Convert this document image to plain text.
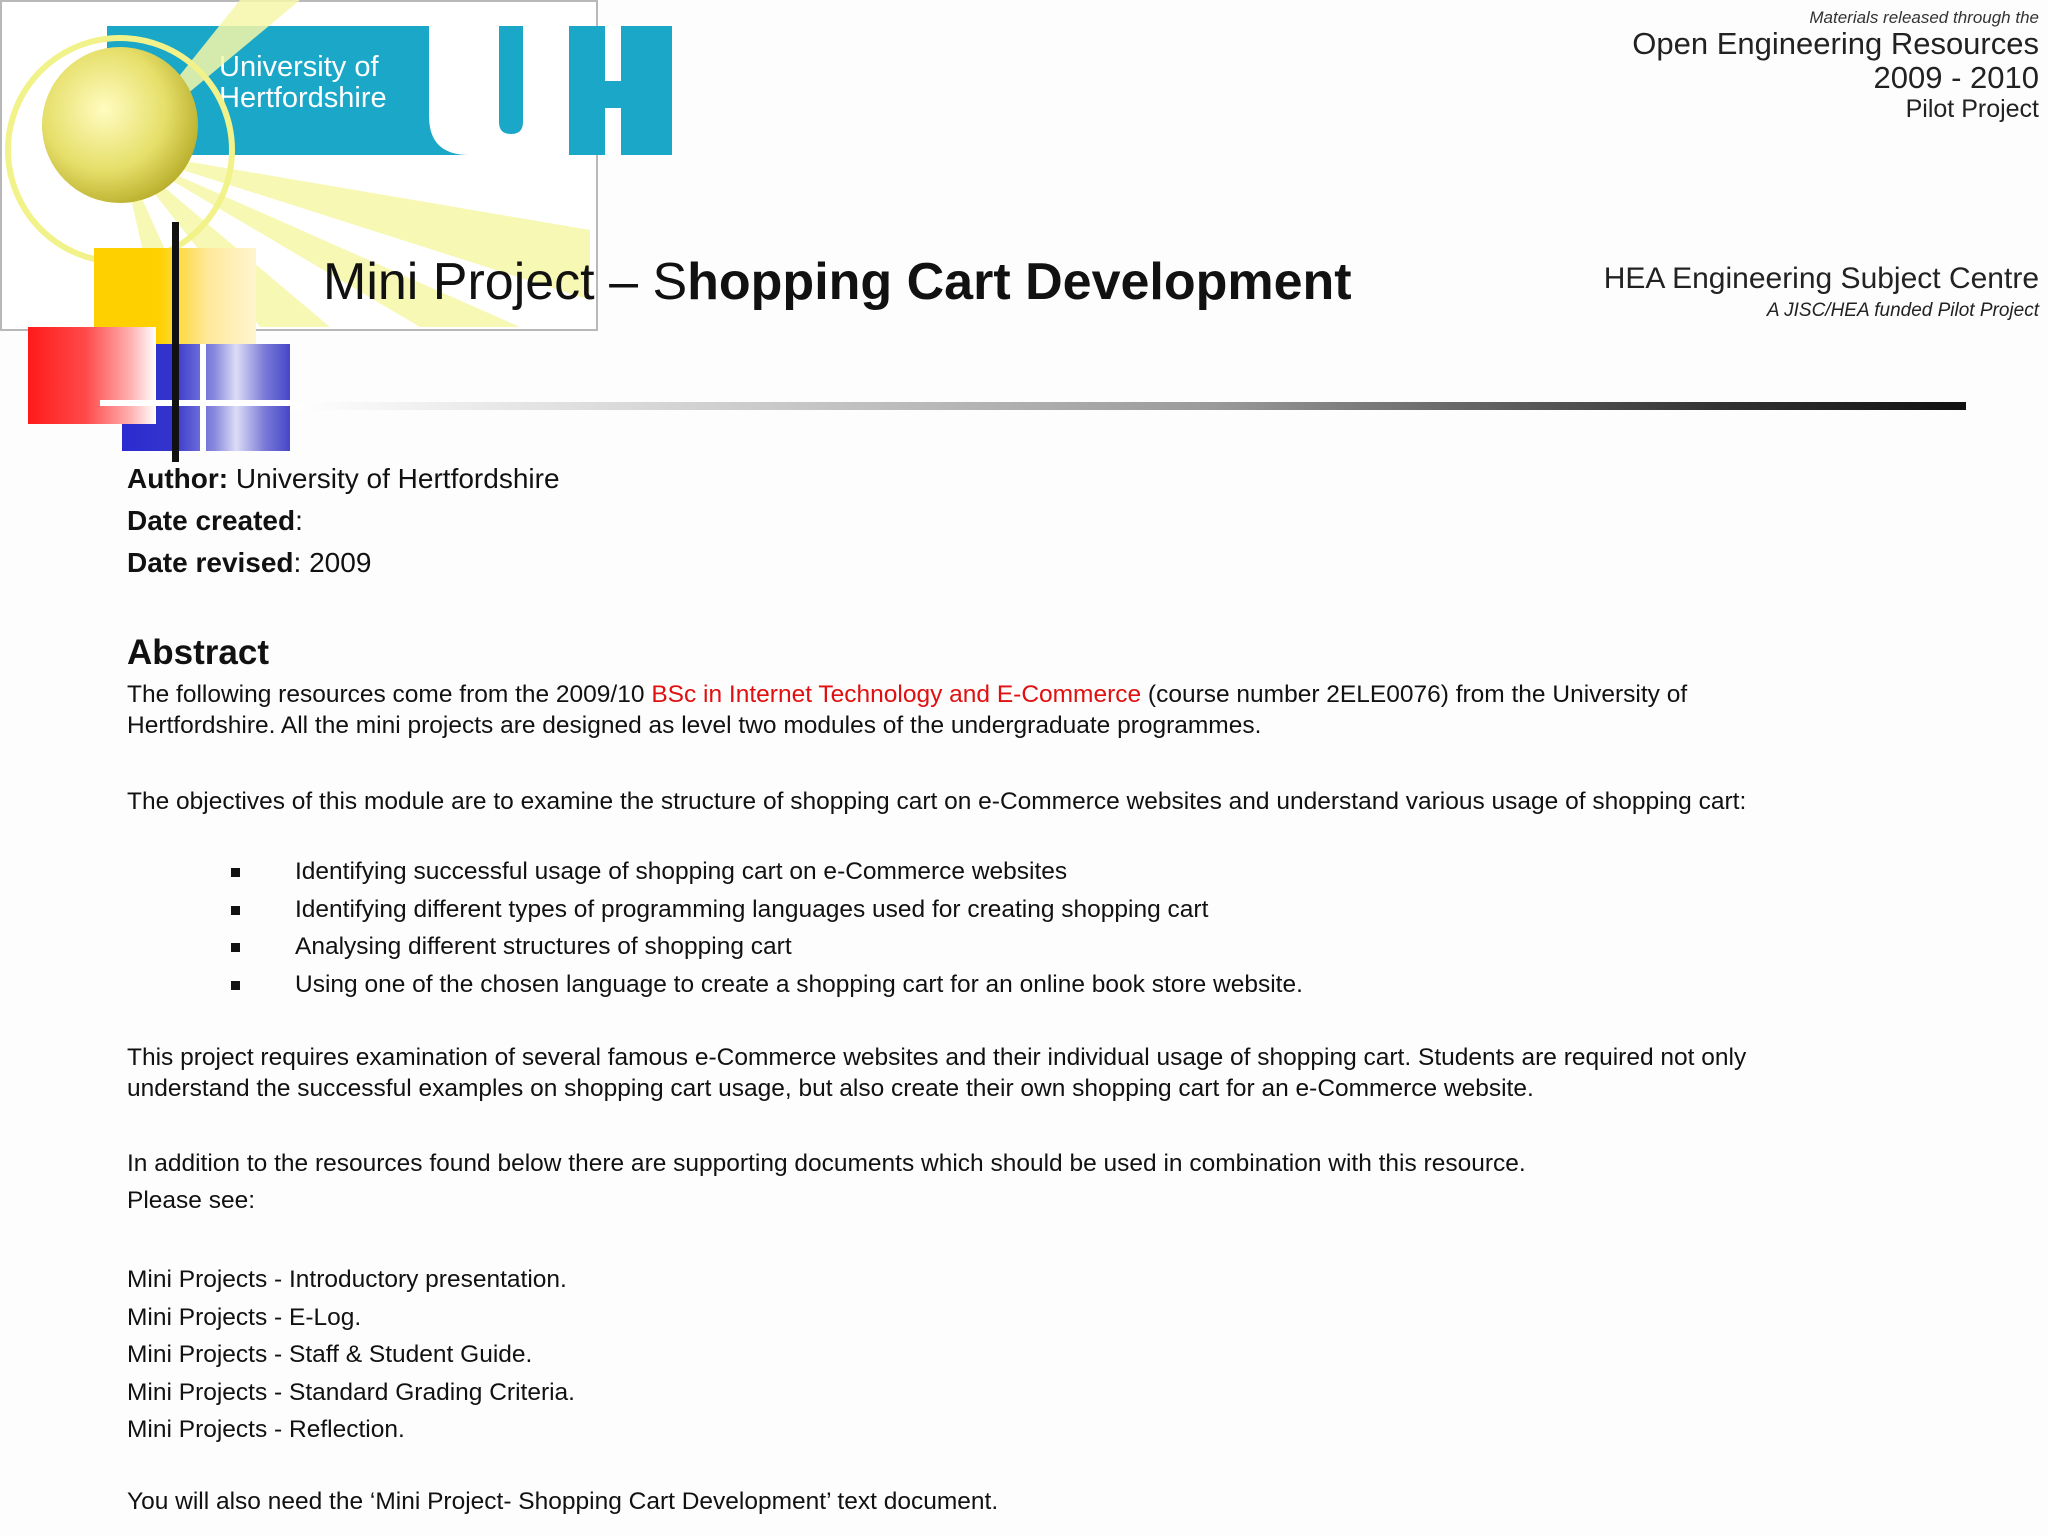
University of
Hertfordshire
Materials released through the
Open Engineering Resources
2009 - 2010
Pilot Project
HEA Engineering Subject Centre
A JISC/HEA funded Pilot Project
Mini Project – Shopping Cart Development
Author: University of Hertfordshire
Date created:
Date revised: 2009
Abstract
The following resources come from the 2009/10 BSc in Internet Technology and E-Commerce (course number 2ELE0076) from the University of Hertfordshire. All the mini projects are designed as level two modules of the undergraduate programmes.
The objectives of this module are to examine the structure of shopping cart on e-Commerce websites and understand various usage of shopping cart:
Identifying successful usage of shopping cart on e-Commerce websites
Identifying different types of programming languages used for creating shopping cart
Analysing different structures of shopping cart
Using one of the chosen language to create a shopping cart for an online book store website.
This project requires examination of several famous e-Commerce websites and their individual usage of shopping cart. Students are required not only understand the successful examples on shopping cart usage, but also create their own shopping cart for an e-Commerce website.
In addition to the resources found below there are supporting documents which should be used in combination with this resource.
Please see:
Mini Projects - Introductory presentation.
Mini Projects - E-Log.
Mini Projects - Staff & Student Guide.
Mini Projects - Standard Grading Criteria.
Mini Projects - Reflection.
You will also need the ‘Mini Project- Shopping Cart Development’ text document.
